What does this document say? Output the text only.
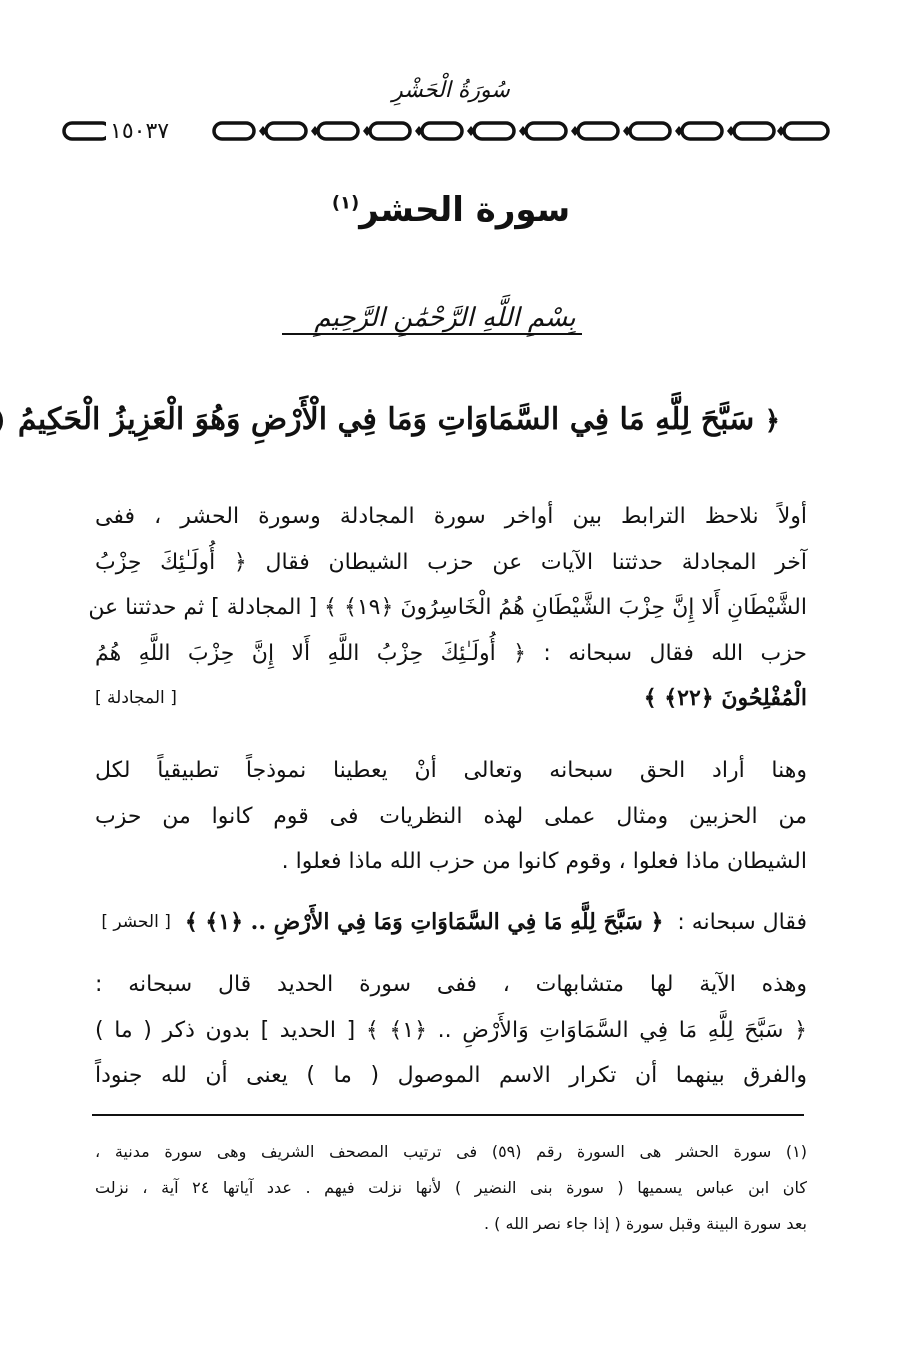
سُورَةُ الْحَشْرِ
١٥٠٣٧
سورة الحشر$^{(١)}$
بِسْمِ اللَّهِ الرَّحْمَٰنِ الرَّحِيمِ
﴿ سَبَّحَ لِلَّهِ مَا فِي السَّمَاوَاتِ وَمَا فِي الْأَرْضِ وَهُوَ الْعَزِيزُ الْحَكِيمُ
أولاً نلاحظ الترابط بين أواخر سورة المجادلة وسورة الحشر ، ففى
آخر المجادلة حدثتنا الآيات عن حزب الشيطان فقال ﴿ أُولَـٰئِكَ حِزْبُ
الشَّيْطَانِ أَلا إِنَّ حِزْبَ الشَّيْطَانِ هُمُ الْخَاسِرُونَ ﴿١٩﴾ ﴾ [ المجادلة ] ثم حدثتنا عن
حزب الله فقال سبحانه : ﴿ أُولَـٰئِكَ حِزْبُ اللَّهِ أَلا إِنَّ حِزْبَ اللَّهِ هُمُ
الْمُفْلِحُونَ ﴿٢٢﴾ ﴾
[ المجادلة ]
وهنا أراد الحق سبحانه وتعالى أنْ يعطينا نموذجاً تطبيقياً لكل
من الحزبين ومثال عملى لهذه النظريات فى قوم كانوا من حزب
الشيطان ماذا فعلوا ، وقوم كانوا من حزب الله ماذا فعلوا .
فقال سبحانه :
﴿ سَبَّحَ لِلَّهِ مَا فِي السَّمَاوَاتِ وَمَا فِي الأَرْضِ .. ﴿١﴾ ﴾
[ الحشر ]
وهذه الآية لها متشابهات ، ففى سورة الحديد قال سبحانه :
﴿ سَبَّحَ لِلَّهِ مَا فِي السَّمَاوَاتِ وَالأَرْضِ .. ﴿١﴾ ﴾ [ الحديد ] بدون ذكر ( ما )
والفرق بينهما أن تكرار الاسم الموصول ( ما ) يعنى أن لله جنوداً
(١) سورة الحشر هى السورة رقم (٥٩) فى ترتيب المصحف الشريف وهى سورة مدنية ،
كان ابن عباس يسميها ( سورة بنى النضير ) لأنها نزلت فيهم . عدد آياتها ٢٤ آية ، نزلت
بعد سورة البينة وقبل سورة ( إذا جاء نصر الله ) .
